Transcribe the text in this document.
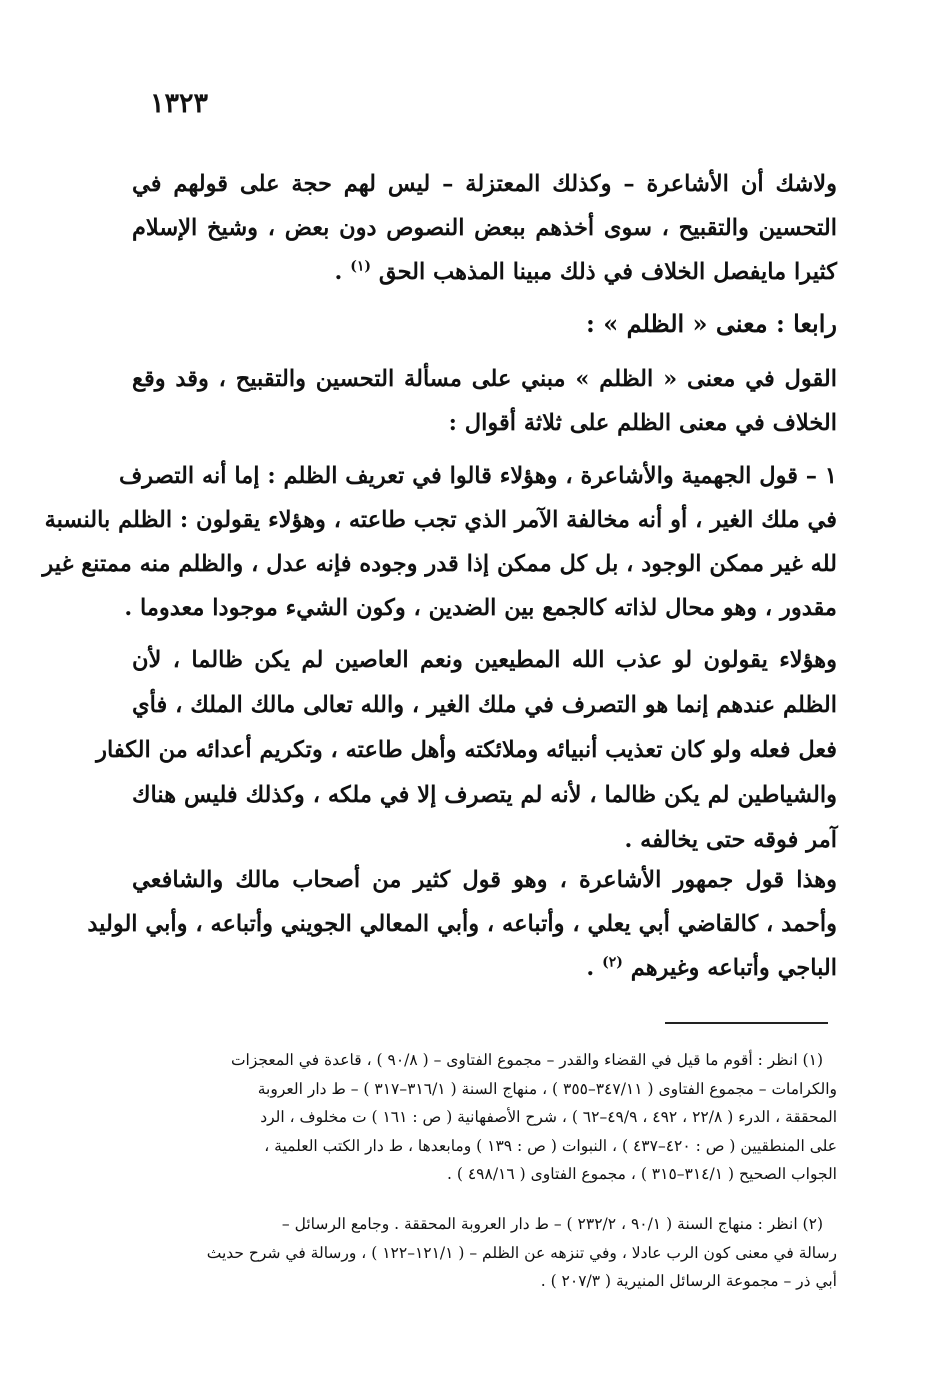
١٣٢٣
ولاشك أن الأشاعرة – وكذلك المعتزلة – ليس لهم حجة على قولهم في
التحسين والتقبيح ، سوى أخذهم ببعض النصوص دون بعض ، وشيخ الإسلام
كثيرا مايفصل الخلاف في ذلك مبينا المذهب الحق $^{(١)}$ .
رابعا : معنى « الظلم » :
القول في معنى « الظلم » مبني على مسألة التحسين والتقبيح ، وقد وقع
الخلاف في معنى الظلم على ثلاثة أقوال :
١ – قول الجهمية والأشاعرة ، وهؤلاء قالوا في تعريف الظلم : إما أنه التصرف
في ملك الغير ، أو أنه مخالفة الآمر الذي تجب طاعته ، وهؤلاء يقولون : الظلم بالنسبة
لله غير ممكن الوجود ، بل كل ممكن إذا قدر وجوده فإنه عدل ، والظلم منه ممتنع غير
مقدور ، وهو محال لذاته كالجمع بين الضدين ، وكون الشيء موجودا معدوما .
وهؤلاء يقولون لو عذب الله المطيعين ونعم العاصين لم يكن ظالما ، لأن
الظلم عندهم إنما هو التصرف في ملك الغير ، والله تعالى مالك الملك ، فأي
فعل فعله ولو كان تعذيب أنبيائه وملائكته وأهل طاعته ، وتكريم أعدائه من الكفار
والشياطين لم يكن ظالما ، لأنه لم يتصرف إلا في ملكه ، وكذلك فليس هناك
آمر فوقه حتى يخالفه .
وهذا قول جمهور الأشاعرة ، وهو قول كثير من أصحاب مالك والشافعي
وأحمد ، كالقاضي أبي يعلي ، وأتباعه ، وأبي المعالي الجويني وأتباعه ، وأبي الوليد
الباجي وأتباعه وغيرهم $^{(٢)}$ .
(١) انظر : أقوم ما قيل في القضاء والقدر – مجموع الفتاوى – ( ٩٠/٨ ) ، قاعدة في المعجزات
والكرامات – مجموع الفتاوى ( ٣٤٧/١١–٣٥٥ ) ، منهاج السنة ( ٣١٦/١–٣١٧ ) – ط دار العروبة
المحققة ، الدرء ( ٢٢/٨ ، ٤٩٢ ، ٤٩/٩–٦٢ ) ، شرح الأصفهانية ( ص : ١٦١ ) ت مخلوف ، الرد
على المنطقيين ( ص : ٤٢٠–٤٣٧ ) ، النبوات ( ص : ١٣٩ ) ومابعدها ، ط دار الكتب العلمية ،
الجواب الصحيح ( ٣١٤/١–٣١٥ ) ، مجموع الفتاوى ( ٤٩٨/١٦ ) .
(٢) انظر : منهاج السنة ( ٩٠/١ ، ٢٣٢/٢ ) – ط دار العروبة المحققة . وجامع الرسائل –
رسالة في معنى كون الرب عادلا ، وفي تنزهه عن الظلم – ( ١٢١/١–١٢٢ ) ، ورسالة في شرح حديث
أبي ذر – مجموعة الرسائل المنيرية ( ٢٠٧/٣ ) .
